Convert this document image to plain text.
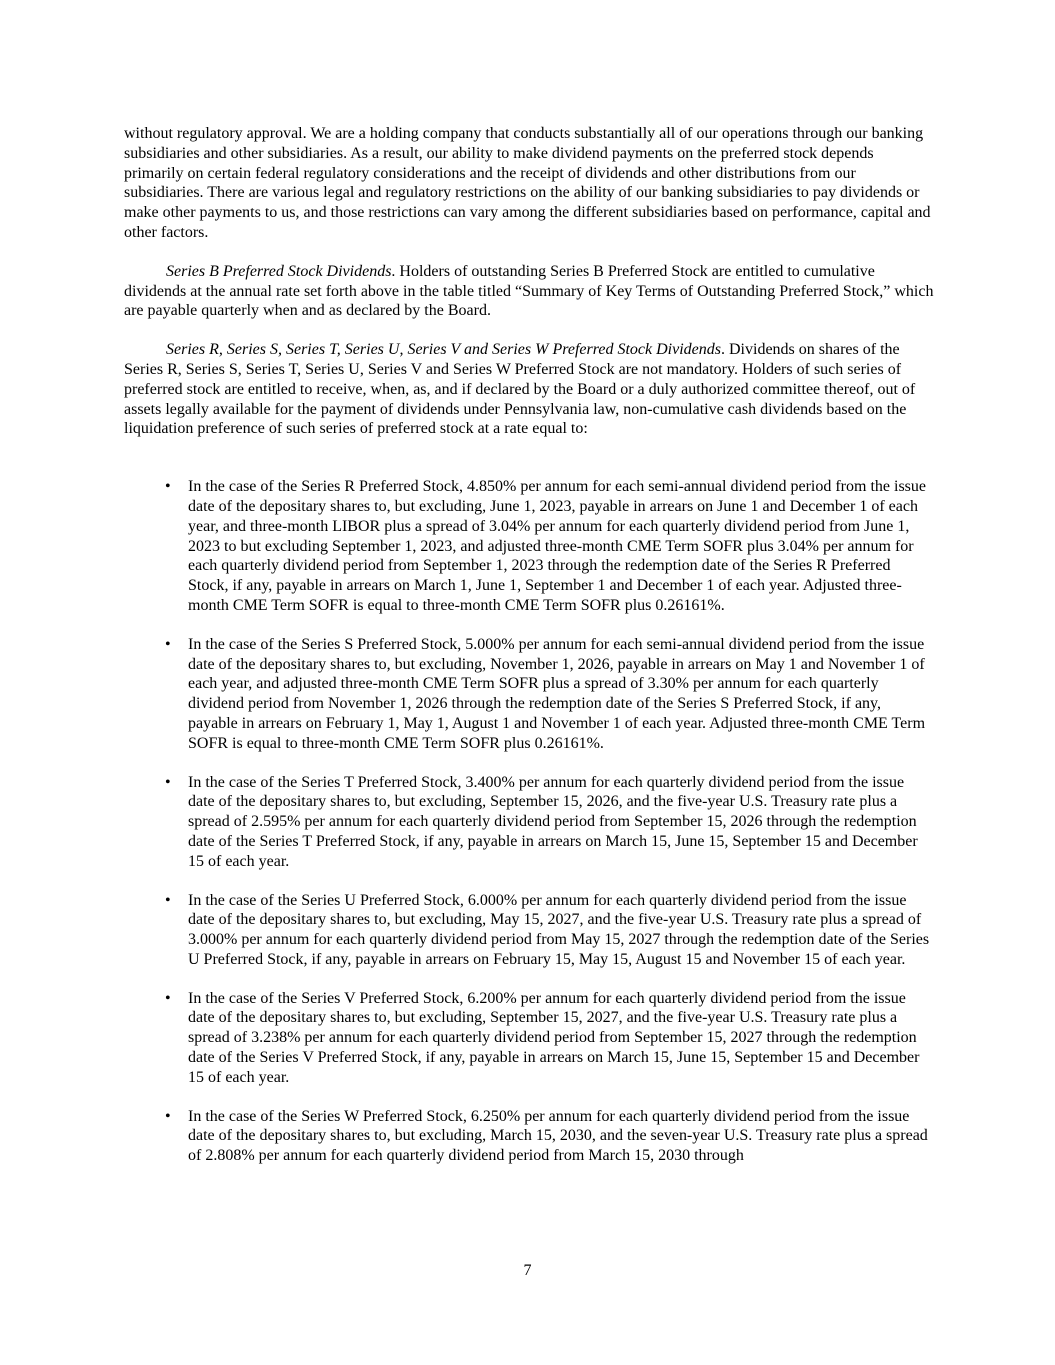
without regulatory approval. We are a holding company that conducts substantially all of our operations through our banking subsidiaries and other subsidiaries. As a result, our ability to make dividend payments on the preferred stock depends primarily on certain federal regulatory considerations and the receipt of dividends and other distributions from our subsidiaries. There are various legal and regulatory restrictions on the ability of our banking subsidiaries to pay dividends or make other payments to us, and those restrictions can vary among the different subsidiaries based on performance, capital and other factors.

Series B Preferred Stock Dividends. Holders of outstanding Series B Preferred Stock are entitled to cumulative dividends at the annual rate set forth above in the table titled “Summary of Key Terms of Outstanding Preferred Stock,” which are payable quarterly when and as declared by the Board.

Series R, Series S, Series T, Series U, Series V and Series W Preferred Stock Dividends. Dividends on shares of the Series R, Series S, Series T, Series U, Series V and Series W Preferred Stock are not mandatory. Holders of such series of preferred stock are entitled to receive, when, as, and if declared by the Board or a duly authorized committee thereof, out of assets legally available for the payment of dividends under Pennsylvania law, non-cumulative cash dividends based on the liquidation preference of such series of preferred stock at a rate equal to:

• In the case of the Series R Preferred Stock, 4.850% per annum for each semi-annual dividend period from the issue date of the depositary shares to, but excluding, June 1, 2023, payable in arrears on June 1 and December 1 of each year, and three-month LIBOR plus a spread of 3.04% per annum for each quarterly dividend period from June 1, 2023 to but excluding September 1, 2023, and adjusted three-month CME Term SOFR plus 3.04% per annum for each quarterly dividend period from September 1, 2023 through the redemption date of the Series R Preferred Stock, if any, payable in arrears on March 1, June 1, September 1 and December 1 of each year. Adjusted three-month CME Term SOFR is equal to three-month CME Term SOFR plus 0.26161%.
• In the case of the Series S Preferred Stock, 5.000% per annum for each semi-annual dividend period from the issue date of the depositary shares to, but excluding, November 1, 2026, payable in arrears on May 1 and November 1 of each year, and adjusted three-month CME Term SOFR plus a spread of 3.30% per annum for each quarterly dividend period from November 1, 2026 through the redemption date of the Series S Preferred Stock, if any, payable in arrears on February 1, May 1, August 1 and November 1 of each year. Adjusted three-month CME Term SOFR is equal to three-month CME Term SOFR plus 0.26161%.
• In the case of the Series T Preferred Stock, 3.400% per annum for each quarterly dividend period from the issue date of the depositary shares to, but excluding, September 15, 2026, and the five-year U.S. Treasury rate plus a spread of 2.595% per annum for each quarterly dividend period from September 15, 2026 through the redemption date of the Series T Preferred Stock, if any, payable in arrears on March 15, June 15, September 15 and December 15 of each year.
• In the case of the Series U Preferred Stock, 6.000% per annum for each quarterly dividend period from the issue date of the depositary shares to, but excluding, May 15, 2027, and the five-year U.S. Treasury rate plus a spread of 3.000% per annum for each quarterly dividend period from May 15, 2027 through the redemption date of the Series U Preferred Stock, if any, payable in arrears on February 15, May 15, August 15 and November 15 of each year.
• In the case of the Series V Preferred Stock, 6.200% per annum for each quarterly dividend period from the issue date of the depositary shares to, but excluding, September 15, 2027, and the five-year U.S. Treasury rate plus a spread of 3.238% per annum for each quarterly dividend period from September 15, 2027 through the redemption date of the Series V Preferred Stock, if any, payable in arrears on March 15, June 15, September 15 and December 15 of each year.
• In the case of the Series W Preferred Stock, 6.250% per annum for each quarterly dividend period from the issue date of the depositary shares to, but excluding, March 15, 2030, and the seven-year U.S. Treasury rate plus a spread of 2.808% per annum for each quarterly dividend period from March 15, 2030 through
7
